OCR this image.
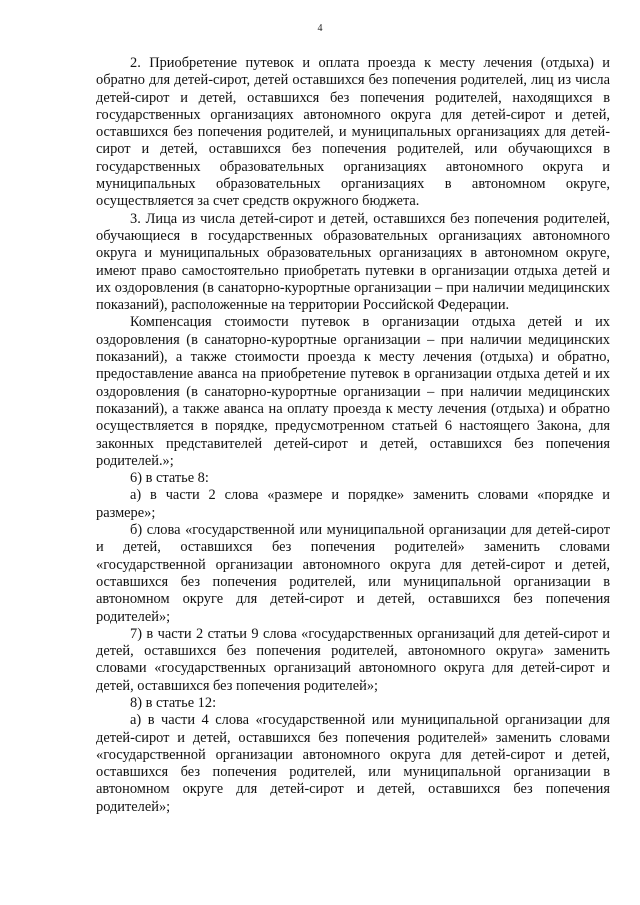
4

2. Приобретение путевок и оплата проезда к месту лечения (отдыха) и обратно для детей-сирот, детей оставшихся без попечения родителей, лиц из числа детей-сирот и детей, оставшихся без попечения родителей, находящихся в государственных организациях автономного округа для детей-сирот и детей, оставшихся без попечения родителей, и муниципальных организациях для детей-сирот и детей, оставшихся без попечения родителей, или обучающихся в государственных образовательных организациях автономного округа и муниципальных образовательных организациях в автономном округе, осуществляется за счет средств окружного бюджета.

3. Лица из числа детей-сирот и детей, оставшихся без попечения родителей, обучающиеся в государственных образовательных организациях автономного округа и муниципальных образовательных организациях в автономном округе, имеют право самостоятельно приобретать путевки в организации отдыха детей и их оздоровления (в санаторно-курортные организации – при наличии медицинских показаний), расположенные на территории Российской Федерации.

Компенсация стоимости путевок в организации отдыха детей и их оздоровления (в санаторно-курортные организации – при наличии медицинских показаний), а также стоимости проезда к месту лечения (отдыха) и обратно, предоставление аванса на приобретение путевок в организации отдыха детей и их оздоровления (в санаторно-курортные организации – при наличии медицинских показаний), а также аванса на оплату проезда к месту лечения (отдыха) и обратно осуществляется в порядке, предусмотренном статьей 6 настоящего Закона, для законных представителей детей-сирот и детей, оставшихся без попечения родителей.»;

6) в статье 8:

а) в части 2 слова «размере и порядке» заменить словами «порядке и размере»;

б) слова «государственной или муниципальной организации для детей-сирот и детей, оставшихся без попечения родителей» заменить словами «государственной организации автономного округа для детей-сирот и детей, оставшихся без попечения родителей, или муниципальной организации в автономном округе для детей-сирот и детей, оставшихся без попечения родителей»;

7) в части 2 статьи 9 слова «государственных организаций для детей-сирот и детей, оставшихся без попечения родителей, автономного округа» заменить словами «государственных организаций автономного округа для детей-сирот и детей, оставшихся без попечения родителей»;

8) в статье 12:

а) в части 4 слова «государственной или муниципальной организации для детей-сирот и детей, оставшихся без попечения родителей» заменить словами «государственной организации автономного округа для детей-сирот и детей, оставшихся без попечения родителей, или муниципальной организации в автономном округе для детей-сирот и детей, оставшихся без попечения родителей»;
